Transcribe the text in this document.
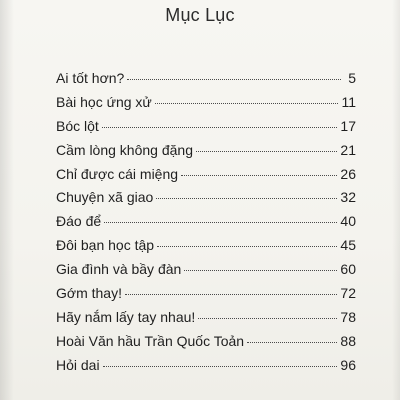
Mục Lục
Ai tốt hơn?	5
Bài học ứng xử	11
Bóc lột	17
Cầm lòng không đặng	21
Chỉ được cái miệng	26
Chuyện xã giao	32
Đáo để	40
Đôi bạn học tập	45
Gia đình và bầy đàn	60
Gớm thay!	72
Hãy nắm lấy tay nhau!	78
Hoài Văn hầu Trần Quốc Toản	88
Hỏi dai	96
